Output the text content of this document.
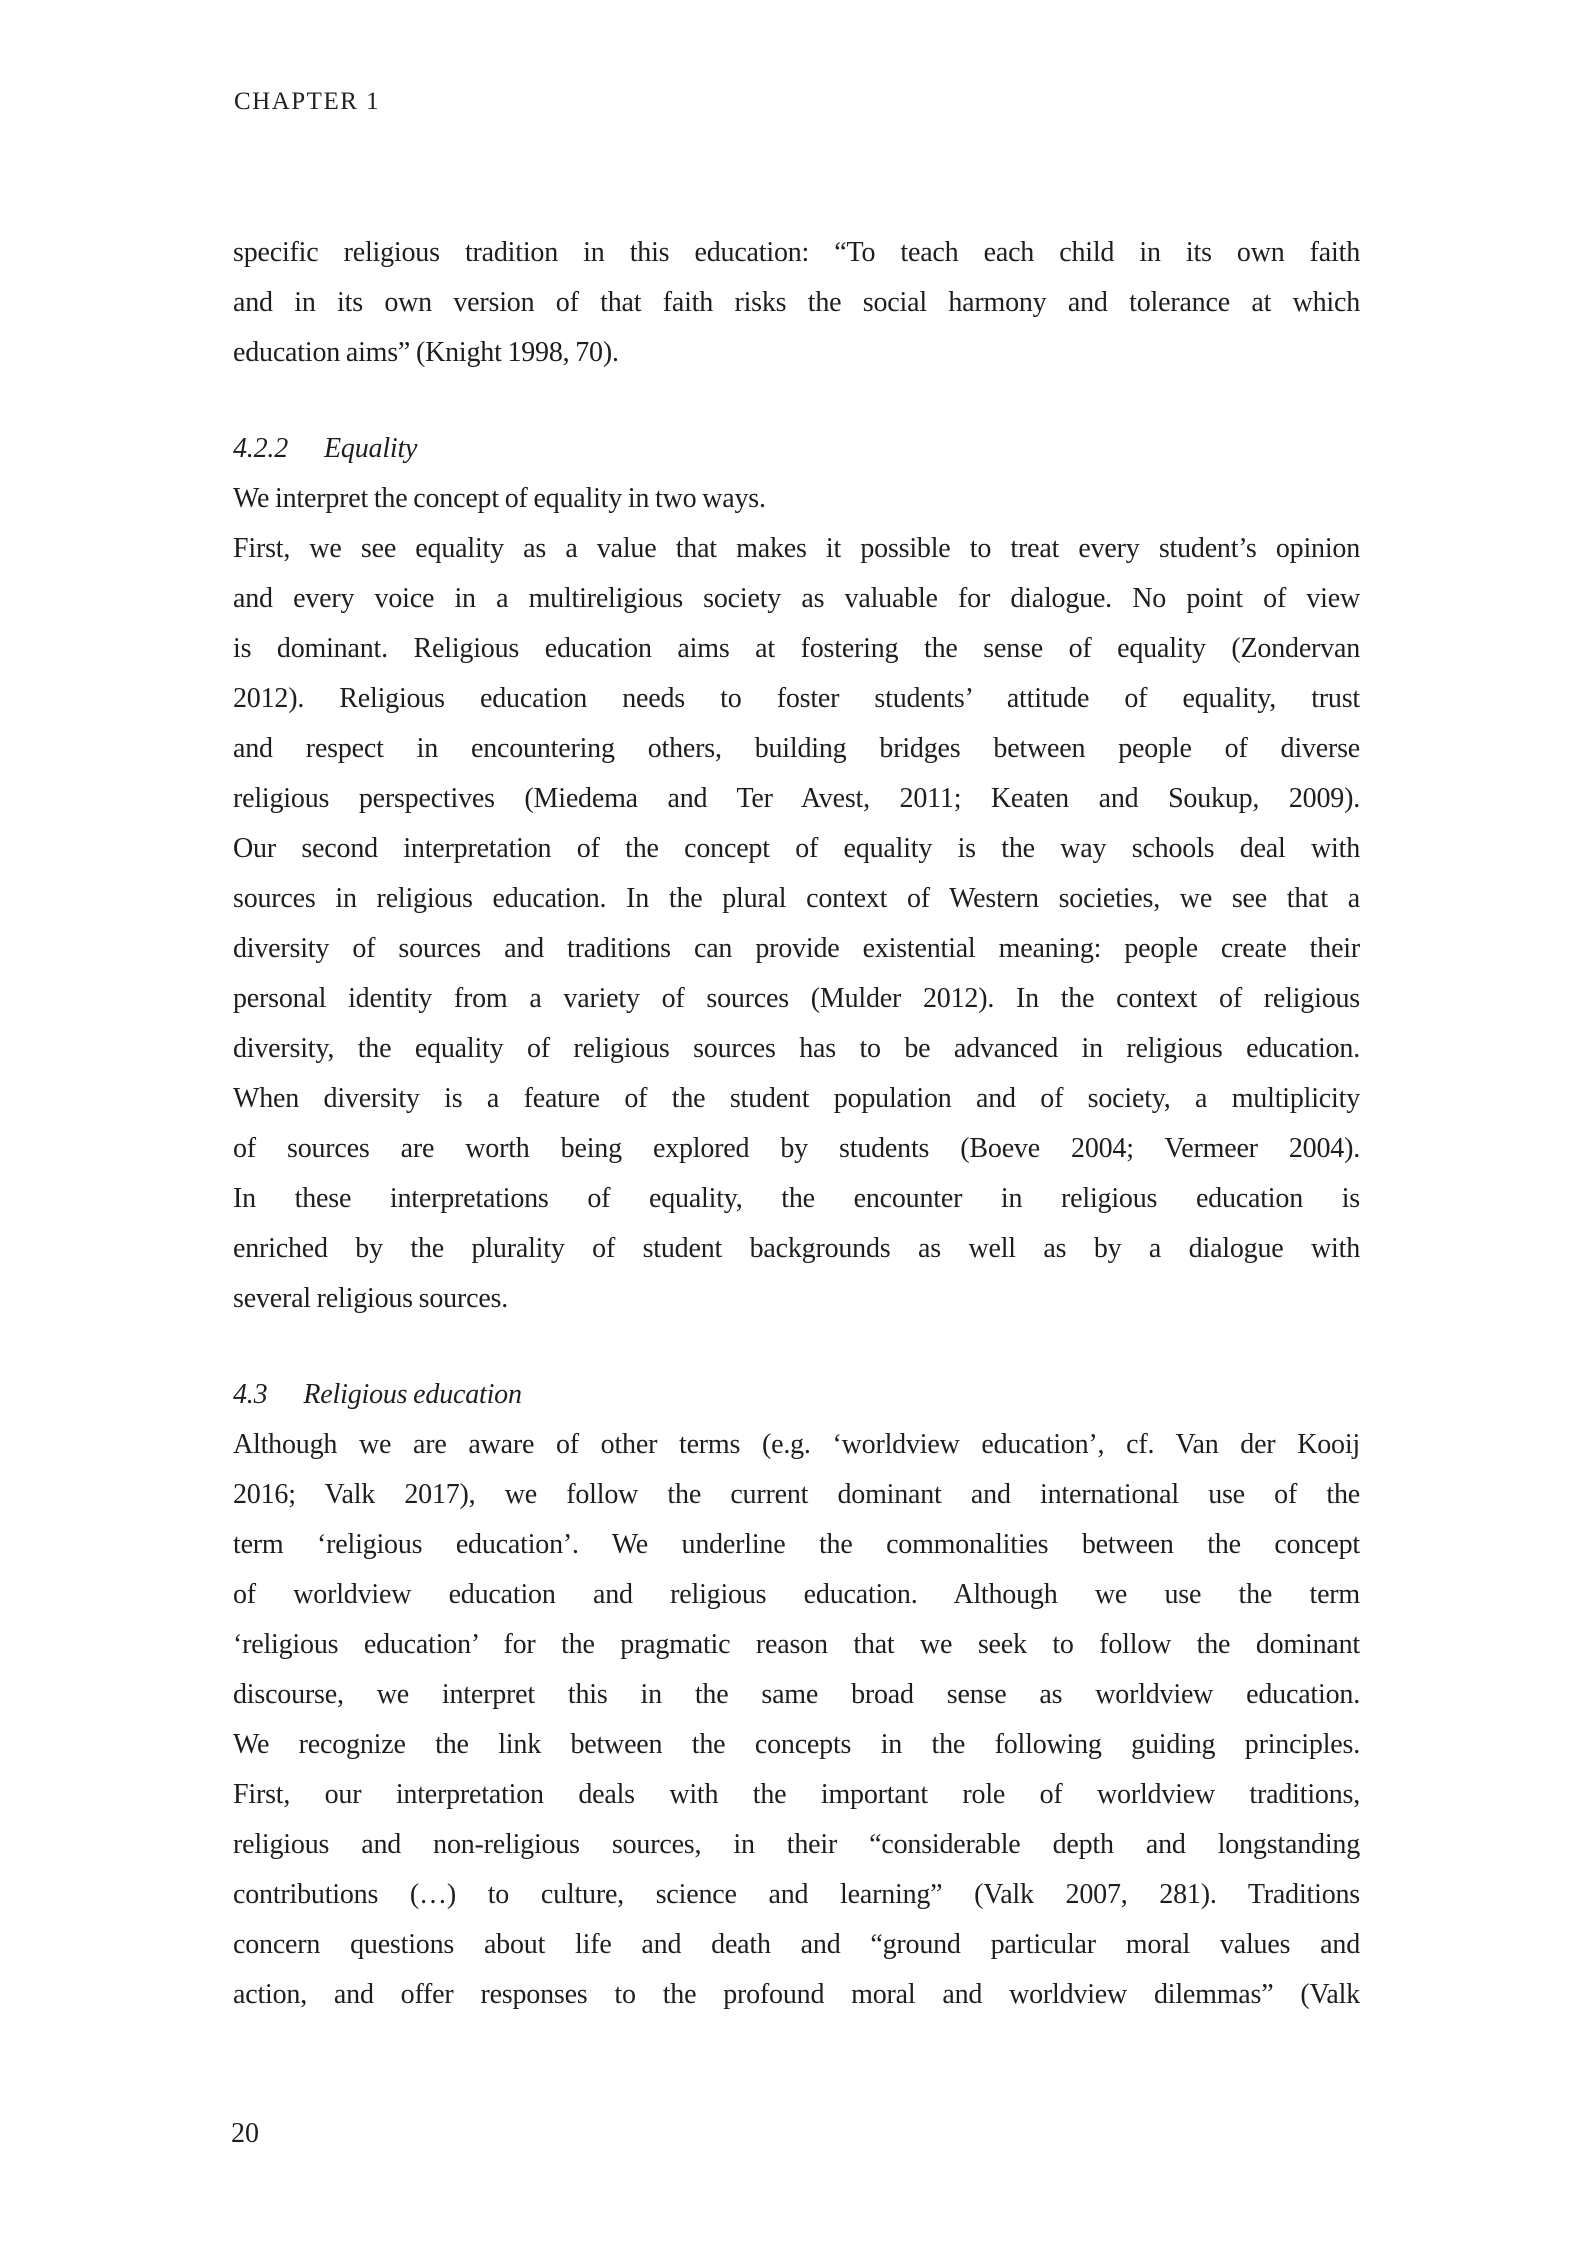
CHAPTER 1
specific religious tradition in this education: “To teach each child in its own faith
and in its own version of that faith risks the social harmony and tolerance at which
education aims” (Knight 1998, 70).
4.2.2 Equality
We interpret the concept of equality in two ways.
First, we see equality as a value that makes it possible to treat every student’s opinion
and every voice in a multireligious society as valuable for dialogue. No point of view
is dominant. Religious education aims at fostering the sense of equality (Zondervan
2012). Religious education needs to foster students’ attitude of equality, trust
and respect in encountering others, building bridges between people of diverse
religious perspectives (Miedema and Ter Avest, 2011; Keaten and Soukup, 2009).
Our second interpretation of the concept of equality is the way schools deal with
sources in religious education. In the plural context of Western societies, we see that a
diversity of sources and traditions can provide existential meaning: people create their
personal identity from a variety of sources (Mulder 2012). In the context of religious
diversity, the equality of religious sources has to be advanced in religious education.
When diversity is a feature of the student population and of society, a multiplicity
of sources are worth being explored by students (Boeve 2004; Vermeer 2004).
In these interpretations of equality, the encounter in religious education is
enriched by the plurality of student backgrounds as well as by a dialogue with
several religious sources.
4.3 Religious education
Although we are aware of other terms (e.g. ‘worldview education’, cf. Van der Kooij
2016; Valk 2017), we follow the current dominant and international use of the
term ‘religious education’. We underline the commonalities between the concept
of worldview education and religious education. Although we use the term
‘religious education’ for the pragmatic reason that we seek to follow the dominant
discourse, we interpret this in the same broad sense as worldview education.
We recognize the link between the concepts in the following guiding principles.
First, our interpretation deals with the important role of worldview traditions,
religious and non-religious sources, in their “considerable depth and longstanding
contributions (…) to culture, science and learning” (Valk 2007, 281). Traditions
concern questions about life and death and “ground particular moral values and
action, and offer responses to the profound moral and worldview dilemmas” (Valk
20
